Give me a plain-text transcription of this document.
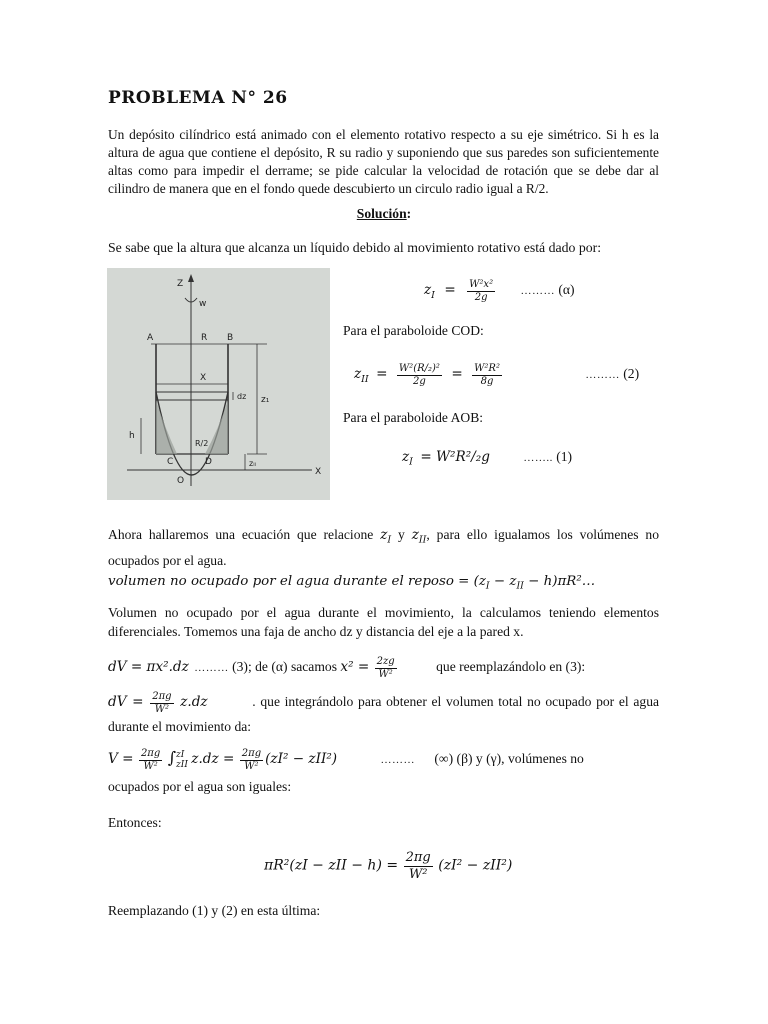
PROBLEMA N° 26
Un depósito cilíndrico está animado con el elemento rotativo respecto a su eje simétrico. Si h es la altura de agua que contiene el depósito, R su radio y suponiendo que sus paredes son suficientemente altas como para impedir el derrame; se pide calcular la velocidad de rotación que se debe dar al cilindro de manera que en el fondo quede descubierto un circulo radio igual a R/2.
Solución:
Se sabe que la altura que alcanza un líquido debido al movimiento rotativo está dado por:
Z
w
A	R B
X
dz z₁
h
R/2
C	D	zₗₗ
O
X
$z_I = \frac{\text{W²x²}}{2g}$ ……… (α)
Para el paraboloide COD:
$z_{II} = \frac{\text{W²(R/₂)²}}{2g} = \frac{\text{W²R²}}{8g}$	……… (2)
Para el paraboloide AOB:
$z_I = W^2R^2/_2g$	…….. (1)
Ahora hallaremos una ecuación que relacione $z_I$ y $z_{II}$, para ello igualamos los volúmenes no ocupados por el agua.
volumen no ocupado por el agua durante el reposo = ($z_I - z_{II}$ − h)πR²…
Volumen no ocupado por el agua durante el movimiento, la calculamos teniendo elementos diferenciales. Tomemos una faja de ancho dz y distancia del eje a la pared x.
dV = πx².dz ……… (3); de (α) sacamos $x^2 = \frac{2zg}{\text{W²}}$	que reemplazándolo en (3):
dV = $\frac{2\pi g}{\text{W²}} z.dz$	. que integrándolo para obtener el volumen total no ocupado por el agua durante el movimiento da:
$V = \frac{2\pi g}{\text{W²}}$ ∫ zI
zII $z.dz = \frac{2\pi g}{\text{W²}} (zI^2 - zII^2)$	……… (∞) (β) y (γ), volúmenes no
ocupados por el agua son iguales:
Entonces:
πR²(zI − zII − $h) = \frac{2\pi g}{\text{W²}} (zI^2 - zII^2)$
Reemplazando (1) y (2) en esta última:
